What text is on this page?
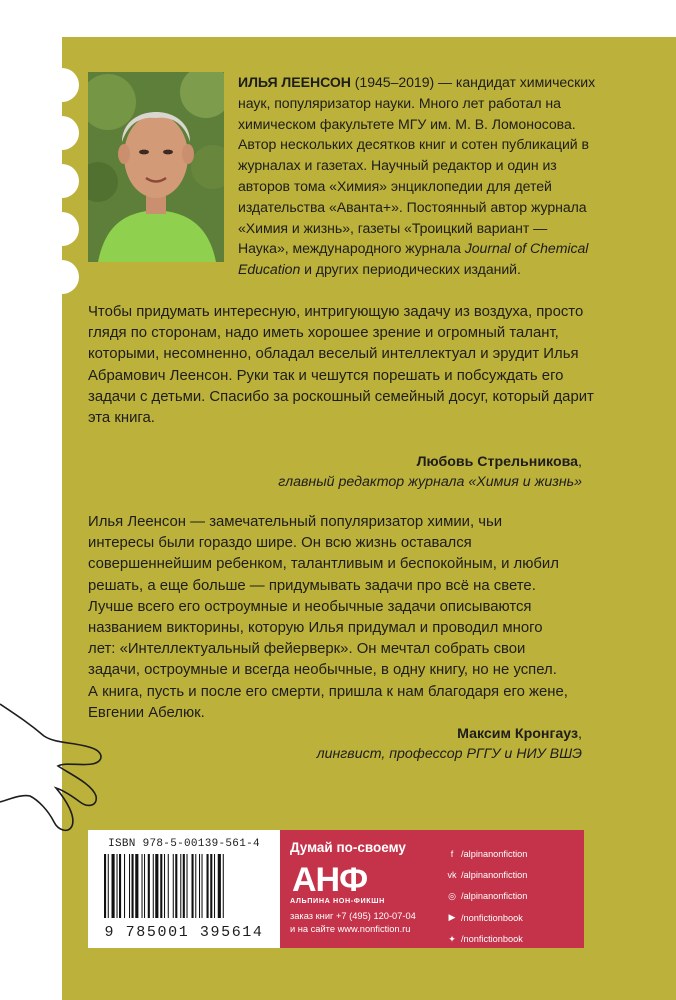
ИЛЬЯ ЛЕЕНСОН (1945–2019) — кандидат химических наук, популяризатор науки. Много лет работал на химическом факультете МГУ им. М. В. Ломоносова. Автор нескольких десятков книг и сотен публикаций в журналах и газетах. Научный редактор и один из авторов тома «Химия» энциклопедии для детей издательства «Аванта+». Постоянный автор журнала «Химия и жизнь», газеты «Троицкий вариант — Наука», международного журнала Journal of Chemical Education и других периодических изданий.

Чтобы придумать интересную, интригующую задачу из воздуха, просто глядя по сторонам, надо иметь хорошее зрение и огромный талант, которыми, несомненно, обладал веселый интеллектуал и эрудит Илья Абрамович Леенсон. Руки так и чешутся порешать и побсуждать его задачи с детьми. Спасибо за роскошный семейный досуг, который дарит эта книга.

Любовь Стрельникова,
главный редактор журнала «Химия и жизнь»

Илья Леенсон — замечательный популяризатор химии, чьи интересы были гораздо шире. Он всю жизнь оставался совершеннейшим ребенком, талантливым и беспокойным, и любил решать, а еще больше — придумывать задачи про всё на свете. Лучше всего его остроумные и необычные задачи описываются названием викторины, которую Илья придумал и проводил много лет: «Интеллектуальный фейерверк». Он мечтал собрать свои задачи, остроумные и всегда необычные, в одну книгу, но не успел. А книга, пусть и после его смерти, пришла к нам благодаря его жене, Евгении Абелюк.

Максим Кронгауз,
лингвист, профессор РГГУ и НИУ ВШЭ
ISBN 978-5-00139-561-4
9 785001 395614
Думай по-своему
АНФ
АЛЬПИНА НОН-ФИКШН
заказ книг +7 (495) 120-07-04
и на сайте www.nonfiction.ru
f /alpinanonfiction
vk /alpinanonfiction
◎ /alpinanonfiction
▶ /nonfictionbook
✦ /nonfictionbook
